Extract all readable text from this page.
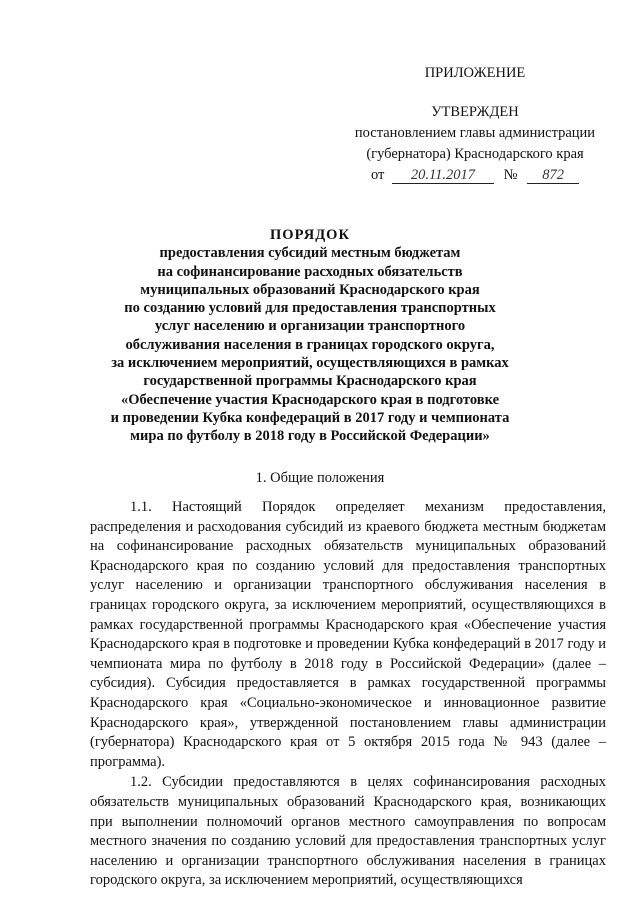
ПРИЛОЖЕНИЕ
УТВЕРЖДЕН
постановлением главы администрации
(губернатора) Краснодарского края
от 20.11.2017 № 872
ПОРЯДОК
предоставления субсидий местным бюджетам
на софинансирование расходных обязательств
муниципальных образований Краснодарского края
по созданию условий для предоставления транспортных
услуг населению и организации транспортного
обслуживания населения в границах городского округа,
за исключением мероприятий, осуществляющихся в рамках
государственной программы Краснодарского края
«Обеспечение участия Краснодарского края в подготовке
и проведении Кубка конфедераций в 2017 году и чемпионата
мира по футболу в 2018 году в Российской Федерации»
1. Общие положения

1.1. Настоящий Порядок определяет механизм предоставления, распределения и расходования субсидий из краевого бюджета местным бюджетам на софинансирование расходных обязательств муниципальных образований Краснодарского края по созданию условий для предоставления транспортных услуг населению и организации транспортного обслуживания населения в границах городского округа, за исключением мероприятий, осуществляющихся в рамках государственной программы Краснодарского края «Обеспечение участия Краснодарского края в подготовке и проведении Кубка конфедераций в 2017 году и чемпионата мира по футболу в 2018 году в Российской Федерации» (далее – субсидия). Субсидия предоставляется в рамках государственной программы Краснодарского края «Социально-экономическое и инновационное развитие Краснодарского края», утвержденной постановлением главы администрации (губернатора) Краснодарского края от 5 октября 2015 года № 943 (далее – программа).

1.2. Субсидии предоставляются в целях софинансирования расходных обязательств муниципальных образований Краснодарского края, возникающих при выполнении полномочий органов местного самоуправления по вопросам местного значения по созданию условий для предоставления транспортных услуг населению и организации транспортного обслуживания населения в границах городского округа, за исключением мероприятий, осуществляющихся
